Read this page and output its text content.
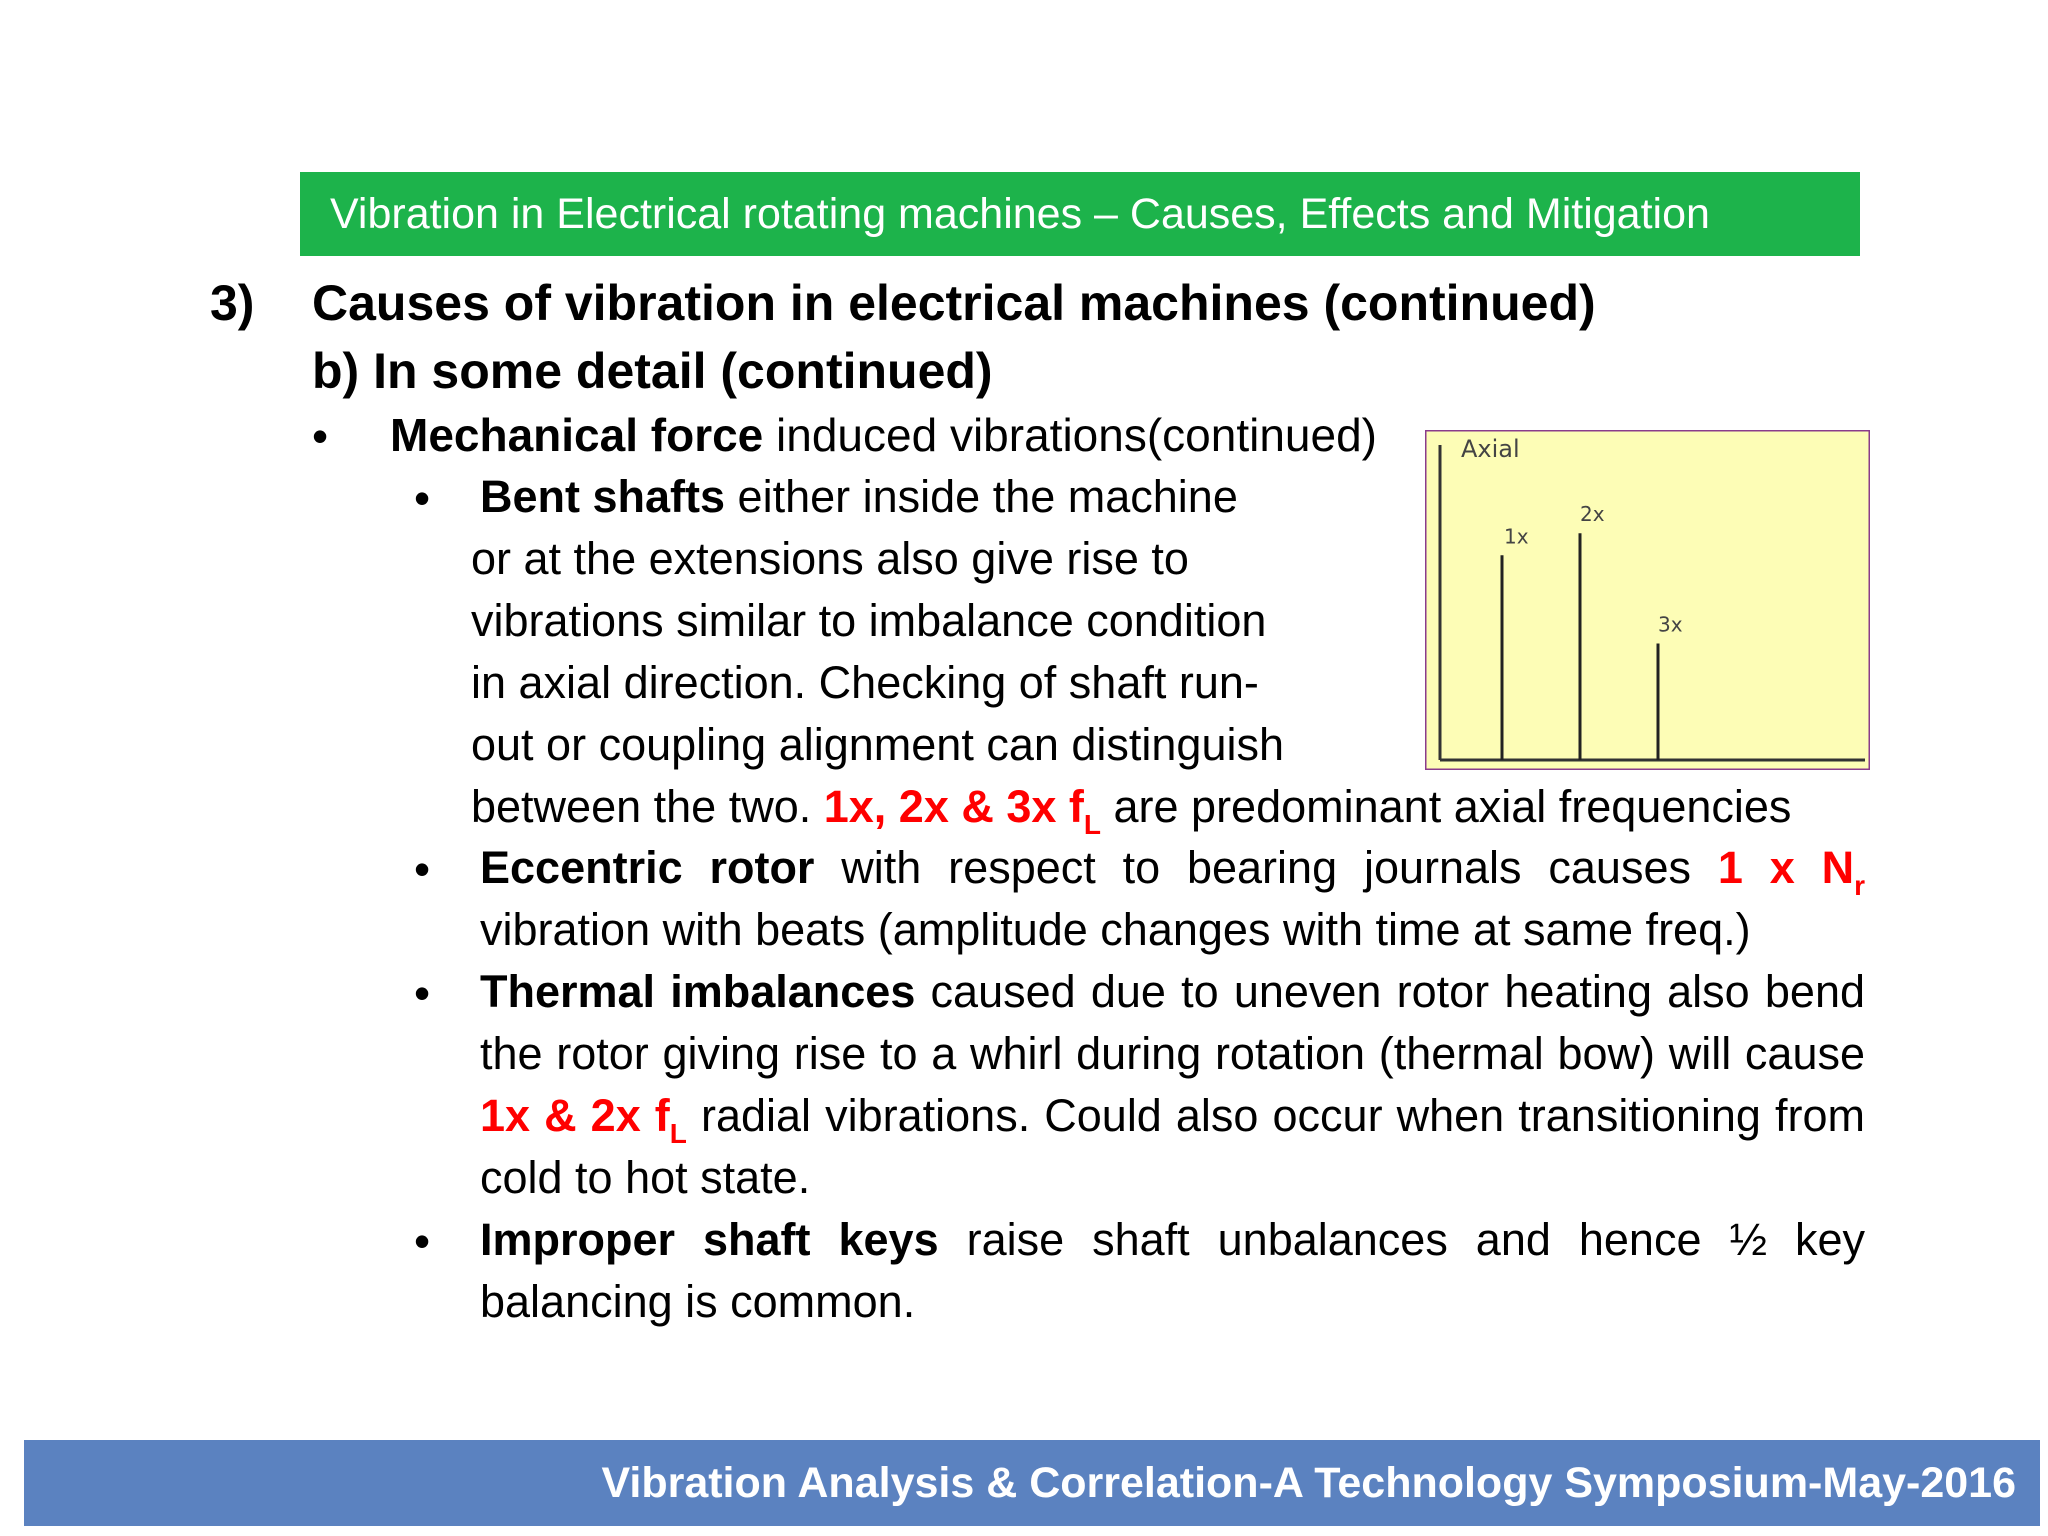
Vibration in Electrical rotating machines – Causes, Effects and Mitigation
3) Causes of vibration in electrical machines (continued)
b) In some detail (continued)
• Mechanical force induced vibrations(continued)
• Bent shafts either inside the machine
or at the extensions also give rise to
vibrations similar to imbalance condition
in axial direction. Checking of shaft run-
out or coupling alignment can distinguish
between the two. 1x, 2x & 3x $f_L$ are predominant axial frequencies
Axial
1x
2x
3x
• Eccentric rotor with respect to bearing journals causes 1 x $N_r$ vibration with beats (amplitude changes with time at same freq.)
• Thermal imbalances caused due to uneven rotor heating also bend the rotor giving rise to a whirl during rotation (thermal bow) will cause 1x & 2x $f_L$ radial vibrations. Could also occur when transitioning from cold to hot state.
• Improper shaft keys raise shaft unbalances and hence ½ key balancing is common.
Vibration Analysis & Correlation-A Technology Symposium-May-2016
